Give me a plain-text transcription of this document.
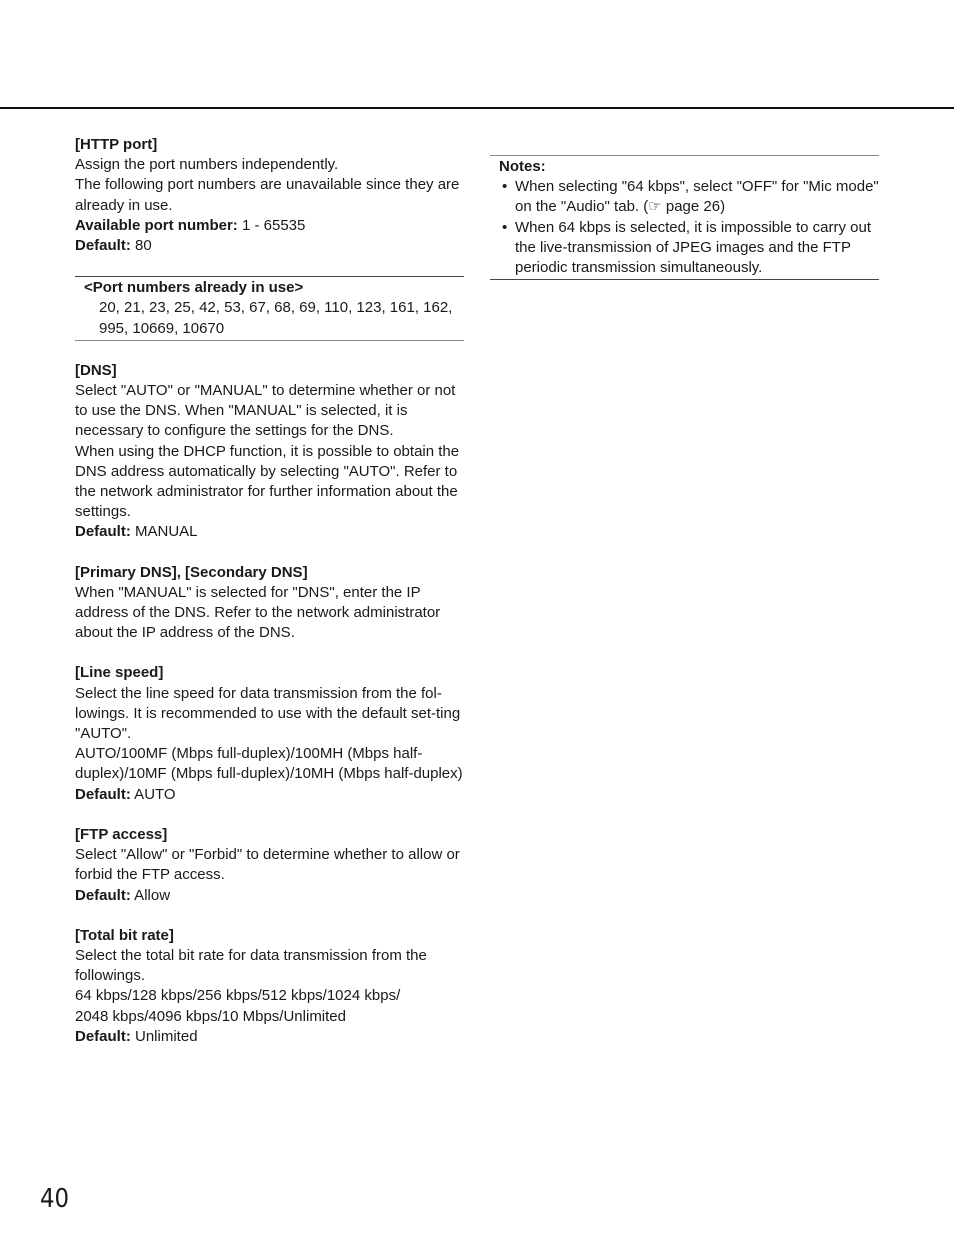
[HTTP port]

Assign the port numbers independently.

The following port numbers are unavailable since they are already in use.

Available port number: 1 - 65535

Default: 80

<Port numbers already in use>

20, 21, 23, 25, 42, 53, 67, 68, 69, 110, 123, 161, 162, 995, 10669, 10670

[DNS]

Select "AUTO" or "MANUAL" to determine whether or not to use the DNS. When "MANUAL" is selected, it is necessary to configure the settings for the DNS.

When using the DHCP function, it is possible to obtain the DNS address automatically by selecting "AUTO". Refer to the network administrator for further information about the settings.

Default: MANUAL

[Primary DNS], [Secondary DNS]

When "MANUAL" is selected for "DNS", enter the IP address of the DNS. Refer to the network administrator about the IP address of the DNS.

[Line speed]

Select the line speed for data transmission from the fol-lowings. It is recommended to use with the default set-ting "AUTO".

AUTO/100MF (Mbps full-duplex)/100MH (Mbps half-duplex)/10MF (Mbps full-duplex)/10MH (Mbps half-duplex)

Default: AUTO

[FTP access]

Select "Allow" or "Forbid" to determine whether to allow or forbid the FTP access.

Default: Allow

[Total bit rate]

Select the total bit rate for data transmission from the followings.

64 kbps/128 kbps/256 kbps/512 kbps/1024 kbps/

2048 kbps/4096 kbps/10 Mbps/Unlimited

Default: Unlimited

Notes:

• When selecting "64 kbps", select "OFF" for "Mic mode" on the "Audio" tab. (☞ page 26)
• When 64 kbps is selected, it is impossible to carry out the live-transmission of JPEG images and the FTP periodic transmission simultaneously.
40
